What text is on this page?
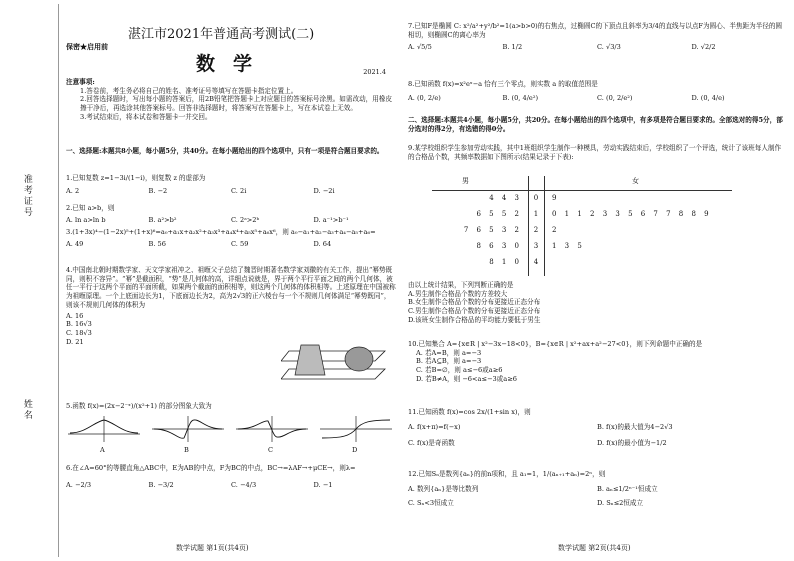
准考证号
姓名
保密★启用前
湛江市2021年普通高考测试(二)
数学	2021.4

注意事项:

1.答卷前，考生务必将自己的姓名、准考证号等填写在答题卡指定位置上。

2.回答选择题时，写出每小题的答案后，用2B铅笔把答题卡上对应题目的答案标号涂黑。如需改动，用橡皮擦干净后，再选涂其他答案标号。回答非选择题时，将答案写在答题卡上，写在本试卷上无效。

3.考试结束后，将本试卷和答题卡一并交回。

一、选择题:本题共8小题，每小题5分，共40分。在每小题给出的四个选项中，只有一项是符合题目要求的。

1.已知复数 z=1−3i/(1−i)，则复数 z 的虚部为

A. 2	B. −2	C. 2i	D. −2i

2.已知 a>b，则

A. ln a>ln b	B. a²>b²	C. 2ᵃ>2ᵇ	D. a⁻¹>b⁻¹

3.(1+3x)⁴−(1−2x)⁵+(1+x)⁶=a₀+a₁x+a₂x²+a₃x³+a₄x⁴+a₅x⁵+a₆x⁶，则 a₀−a₁+a₂−a₃+a₄−a₅+a₆=

A. 49	B. 56	C. 59	D. 64

4.中国南北朝时期数学家、天文学家祖冲之、祖暅父子总结了魏晋时期著名数学家刘徽的有关工作，提出“幂势既同，则积不容异”。“幂”是截面积，“势”是几何体的高，详细点说就是，界于两个平行平面之间的两个几何体，被任一平行于这两个平面的平面所截，如果两个截面的面积相等，则这两个几何体的体积相等。上述原理在中国被称为祖暅原理。一个上底面边长为1，下底面边长为2，高为2√3的正六棱台与一个不规则几何体满足“幂势既同”，则该不规则几何体的体积为

A. 16

B. 16√3

C. 18√3

D. 21

5.函数 f(x)=(2x−2⁻ˣ)/(x²+1) 的部分图象大致为

A	B	C	D

6.在∠A=60°的等腰直角△ABC中，E为AB的中点，F为BC的中点，BC→=λAF→+μCE→，则λ=

A. −2/3	B. −3/2	C. −4/3	D. −1
数学试题 第1页(共4页)

7.已知F是椭圆 C: x²/a²+y²/b²=1(a>b>0)的右焦点，过椭圆C的下顶点且斜率为3/4的直线与以点F为圆心、半焦距为半径的圆相切，则椭圆C的离心率为

A. √5/5	B. 1/2	C. √3/3	D. √2/2

8.已知函数 f(x)=x²eˣ−a 恰有三个零点，则实数 a 的取值范围是

A. (0, 2/e)	B. (0, 4/e²)	C. (0, 2/e²)	D. (0, 4/e)

二、选择题:本题共4小题，每小题5分，共20分。在每小题给出的四个选项中，有多项是符合题目要求的。全部选对的得5分，部分选对的得2分，有选错的得0分。

9.某学校组织学生参加劳动实践，其中1班组织学生制作一种模具，劳动实践结束后，学校组织了一个评选，统计了该班每人制作的合格品个数，其频率数据如下图所示(结果记录于下表):

男	女
4 4 3	0	9
6 5 5 2	1	0 1 1 2 3 3 5 6 7 7 8 8 9
7 6 5 3 2	2	2
8 6 3 0	3	1 3 5
8 1 0	4

由以上统计结果，下列判断正确的是

A.男生制作合格品个数的方差较大

B.女生制作合格品个数的分布更接近正态分布

C.男生制作合格品个数的分布更接近正态分布

D.该班女生制作合格品的平均能力要低于男生

10.已知集合 A={x∈R | x²−3x−18<0}，B={x∈R | x²+ax+a²−27<0}，则下列命题中正确的是

A. 若A=B，则 a=−3

B. 若A⊆B，则 a=−3

C. 若B=∅，则 a≤−6或a≥6

D. 若B≠A，则 −6<a≤−3或a≥6

11.已知函数 f(x)=cos 2x/(1+sin x)，则

A. f(x+π)=f(−x)	B. f(x)的最大值为4−2√3
C. f(x)是奇函数	D. f(x)的最小值为−1/2

12.已知Sₙ是数列{aₙ}的前n项和，且 a₁=1，1/(aₙ₊₁+aₙ)=2ⁿ，则

A. 数列{aₙ}是等比数列	B. aₙ≤1/2ⁿ⁻¹恒成立
C. Sₙ<3恒成立	D. Sₙ≤2恒成立
数学试题 第2页(共4页)
